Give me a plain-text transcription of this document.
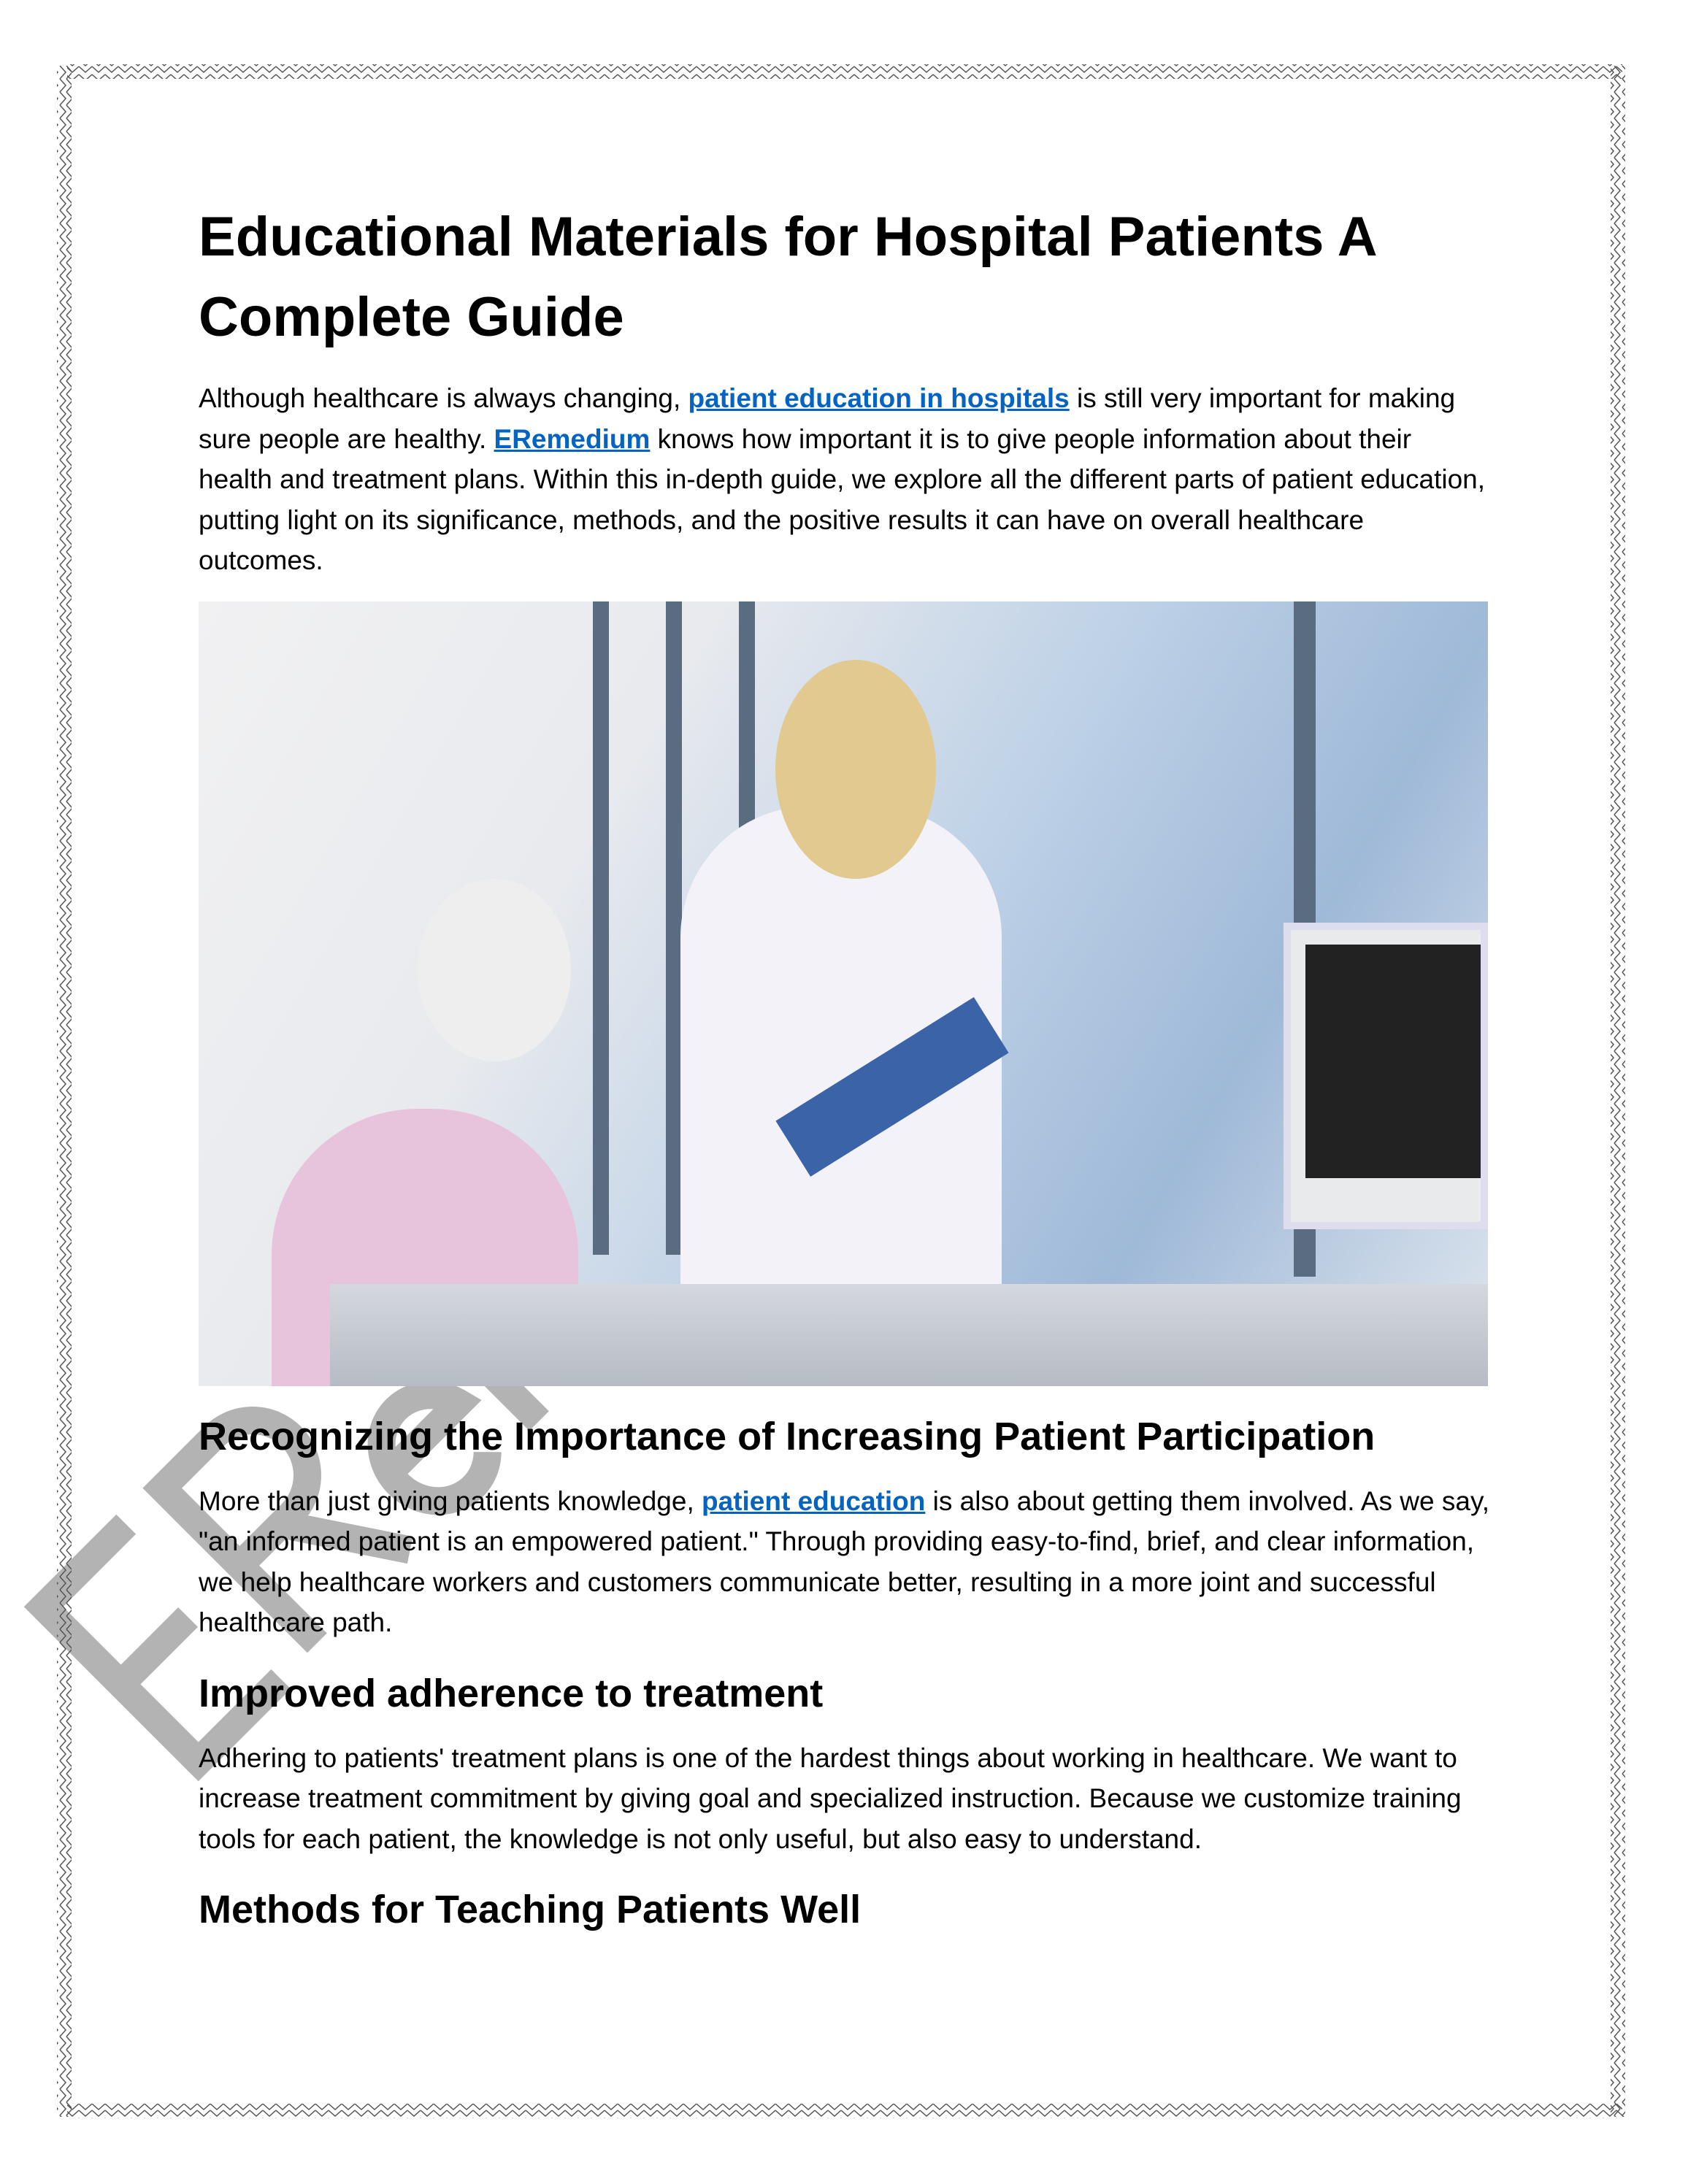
Educational Materials for Hospital Patients A Complete Guide

Although healthcare is always changing, patient education in hospitals is still very important for making sure people are healthy. ERemedium knows how important it is to give people information about their health and treatment plans. Within this in-depth guide, we explore all the different parts of patient education, putting light on its significance, methods, and the positive results it can have on overall healthcare outcomes.

Recognizing the Importance of Increasing Patient Participation

More than just giving patients knowledge, patient education is also about getting them involved. As we say, "an informed patient is an empowered patient." Through providing easy-to-find, brief, and clear information, we help healthcare workers and customers communicate better, resulting in a more joint and successful healthcare path.

Improved adherence to treatment

Adhering to patients' treatment plans is one of the hardest things about working in healthcare. We want to increase treatment commitment by giving goal and specialized instruction. Because we customize training tools for each patient, the knowledge is not only useful, but also easy to understand.

Methods for Teaching Patients Well
